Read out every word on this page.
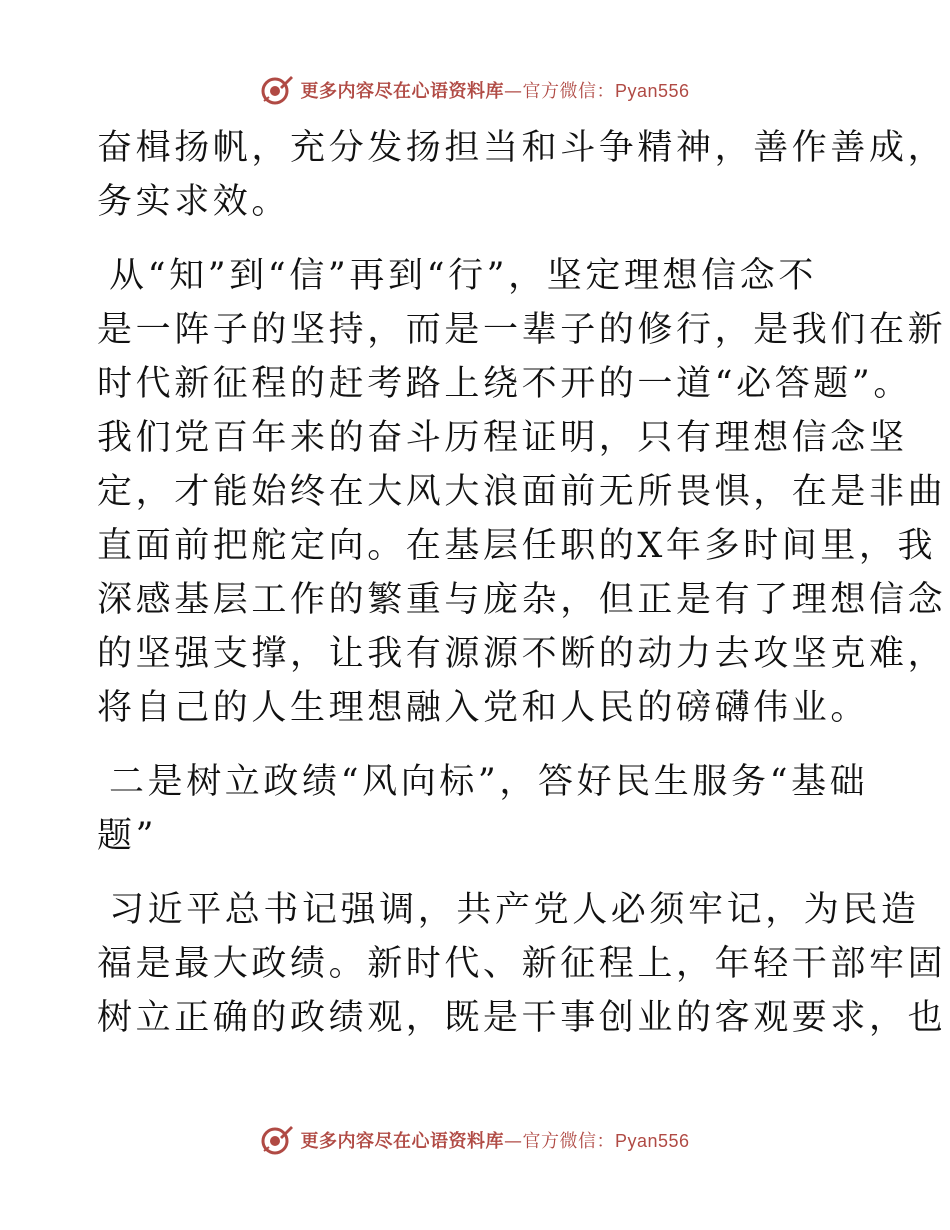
更多内容尽在心语资料库—官方微信：Pyan556
奋楫扬帆，充分发扬担当和斗争精神，善作善成，
务实求效。
从“知”到“信”再到“行”，坚定理想信念不
是一阵子的坚持，而是一辈子的修行，是我们在新
时代新征程的赶考路上绕不开的一道“必答题”。
我们党百年来的奋斗历程证明，只有理想信念坚
定，才能始终在大风大浪面前无所畏惧，在是非曲
直面前把舵定向。在基层任职的X年多时间里，我
深感基层工作的繁重与庞杂，但正是有了理想信念
的坚强支撑，让我有源源不断的动力去攻坚克难，
将自己的人生理想融入党和人民的磅礴伟业。
二是树立政绩“风向标”，答好民生服务“基础
题”
习近平总书记强调，共产党人必须牢记，为民造
福是最大政绩。新时代、新征程上，年轻干部牢固
树立正确的政绩观，既是干事创业的客观要求，也
更多内容尽在心语资料库—官方微信：Pyan556
